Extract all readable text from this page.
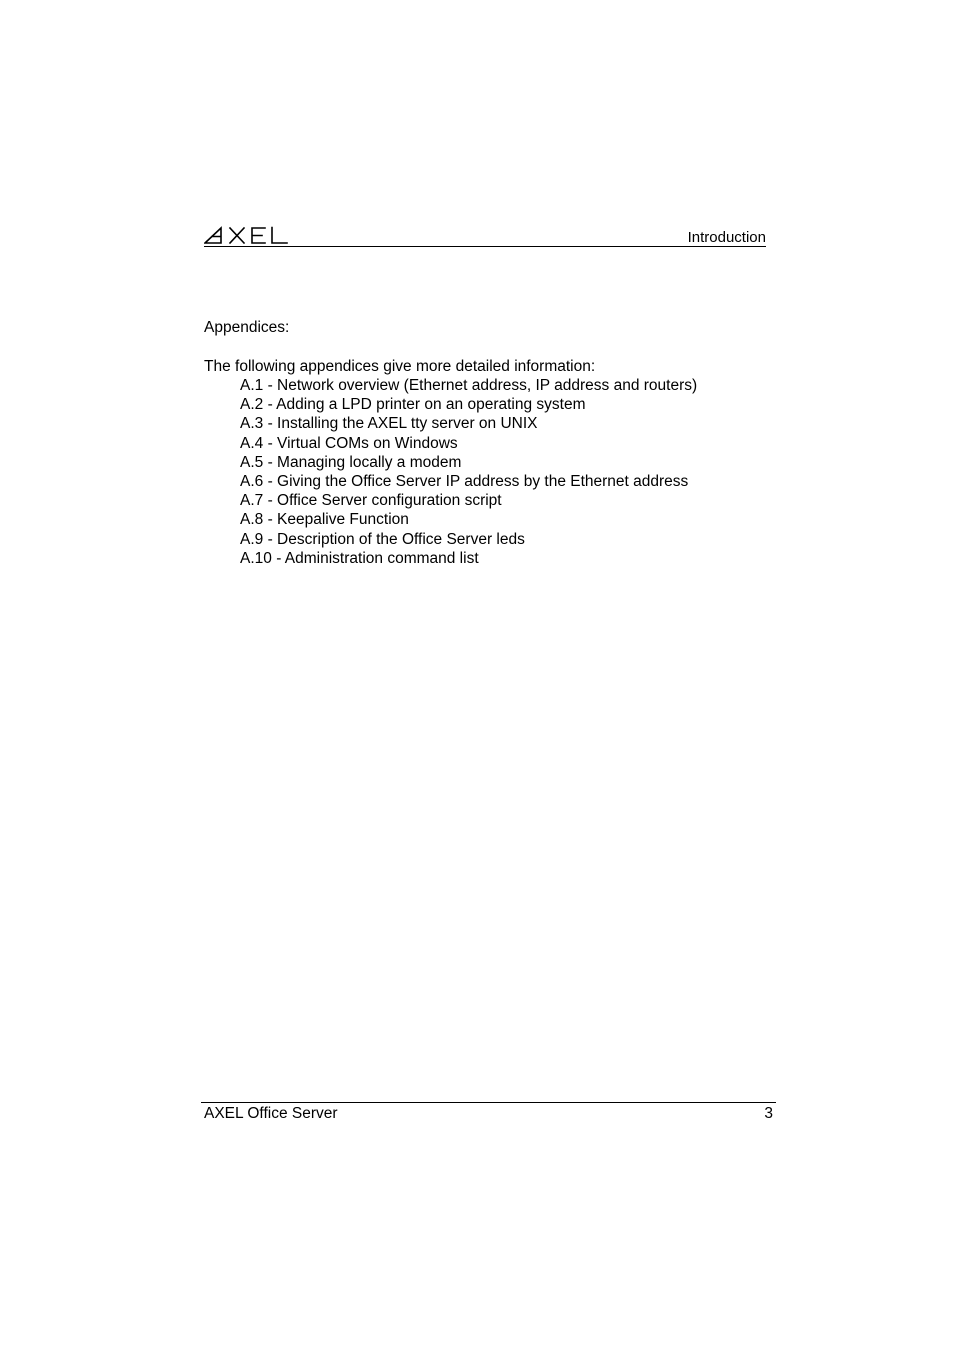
Introduction
Appendices:
The following appendices give more detailed information:
A.1 - Network overview (Ethernet address, IP address and routers)
A.2 - Adding a LPD printer on an operating system
A.3 - Installing the AXEL tty server on UNIX
A.4 - Virtual COMs on Windows
A.5 - Managing locally a modem
A.6 - Giving the Office Server IP address by the Ethernet address
A.7 - Office Server configuration script
A.8 - Keepalive Function
A.9 - Description of the Office Server leds
A.10 - Administration command list
AXEL Office Server	3
